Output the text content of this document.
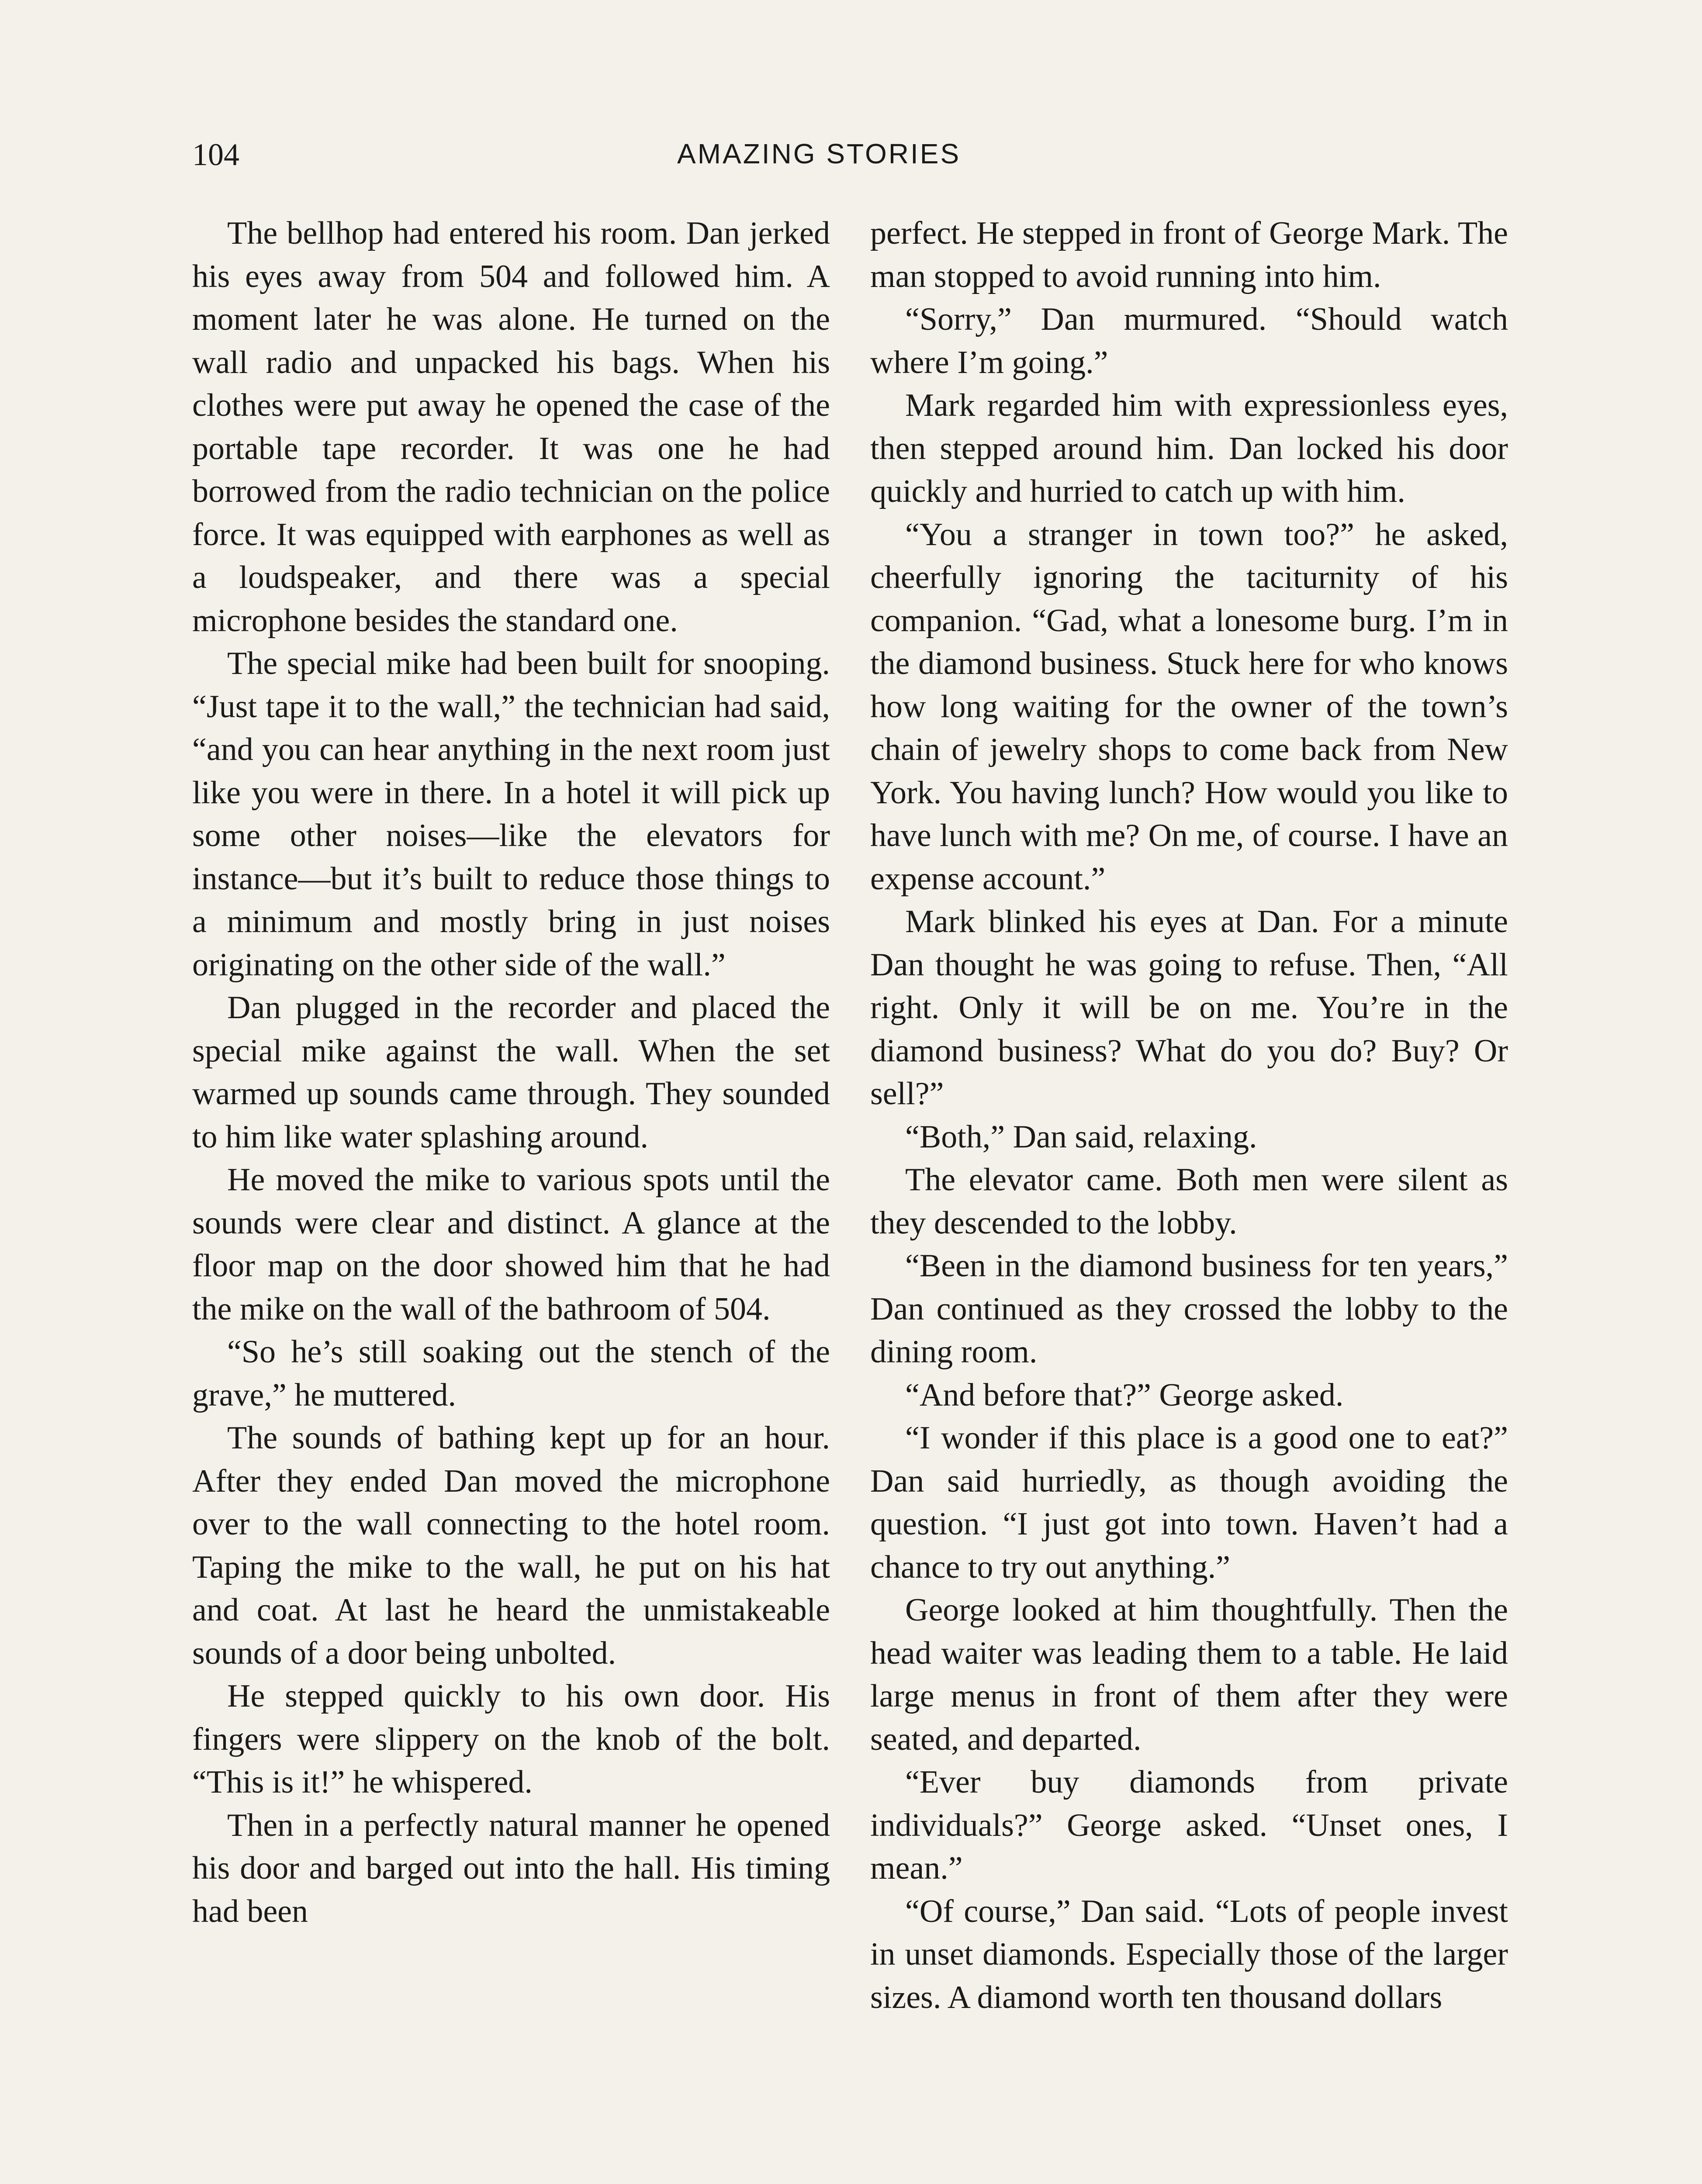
104	AMAZING STORIES

The bellhop had entered his room. Dan jerked his eyes away from 504 and followed him. A moment later he was alone. He turned on the wall radio and unpacked his bags. When his clothes were put away he opened the case of the portable tape recorder. It was one he had borrowed from the radio technician on the police force. It was equipped with earphones as well as a loudspeaker, and there was a special microphone besides the standard one.

The special mike had been built for snooping. “Just tape it to the wall,” the technician had said, “and you can hear anything in the next room just like you were in there. In a hotel it will pick up some other noises—like the elevators for instance—but it’s built to reduce those things to a minimum and mostly bring in just noises originating on the other side of the wall.”

Dan plugged in the recorder and placed the special mike against the wall. When the set warmed up sounds came through. They sounded to him like water splashing around.

He moved the mike to various spots until the sounds were clear and distinct. A glance at the floor map on the door showed him that he had the mike on the wall of the bathroom of 504.

“So he’s still soaking out the stench of the grave,” he muttered.

The sounds of bathing kept up for an hour. After they ended Dan moved the microphone over to the wall connecting to the hotel room. Taping the mike to the wall, he put on his hat and coat. At last he heard the unmistakeable sounds of a door being unbolted.

He stepped quickly to his own door. His fingers were slippery on the knob of the bolt. “This is it!” he whispered.

Then in a perfectly natural manner he opened his door and barged out into the hall. His timing had been

perfect. He stepped in front of George Mark. The man stopped to avoid running into him.

“Sorry,” Dan murmured. “Should watch where I’m going.”

Mark regarded him with expressionless eyes, then stepped around him. Dan locked his door quickly and hurried to catch up with him.

“You a stranger in town too?” he asked, cheerfully ignoring the taciturnity of his companion. “Gad, what a lonesome burg. I’m in the diamond business. Stuck here for who knows how long waiting for the owner of the town’s chain of jewelry shops to come back from New York. You having lunch? How would you like to have lunch with me? On me, of course. I have an expense account.”

Mark blinked his eyes at Dan. For a minute Dan thought he was going to refuse. Then, “All right. Only it will be on me. You’re in the diamond business? What do you do? Buy? Or sell?”

“Both,” Dan said, relaxing.

The elevator came. Both men were silent as they descended to the lobby.

“Been in the diamond business for ten years,” Dan continued as they crossed the lobby to the dining room.

“And before that?” George asked.

“I wonder if this place is a good one to eat?” Dan said hurriedly, as though avoiding the question. “I just got into town. Haven’t had a chance to try out anything.”

George looked at him thoughtfully. Then the head waiter was leading them to a table. He laid large menus in front of them after they were seated, and departed.

“Ever buy diamonds from private individuals?” George asked. “Unset ones, I mean.”

“Of course,” Dan said. “Lots of people invest in unset diamonds. Especially those of the larger sizes. A diamond worth ten thousand dollars
